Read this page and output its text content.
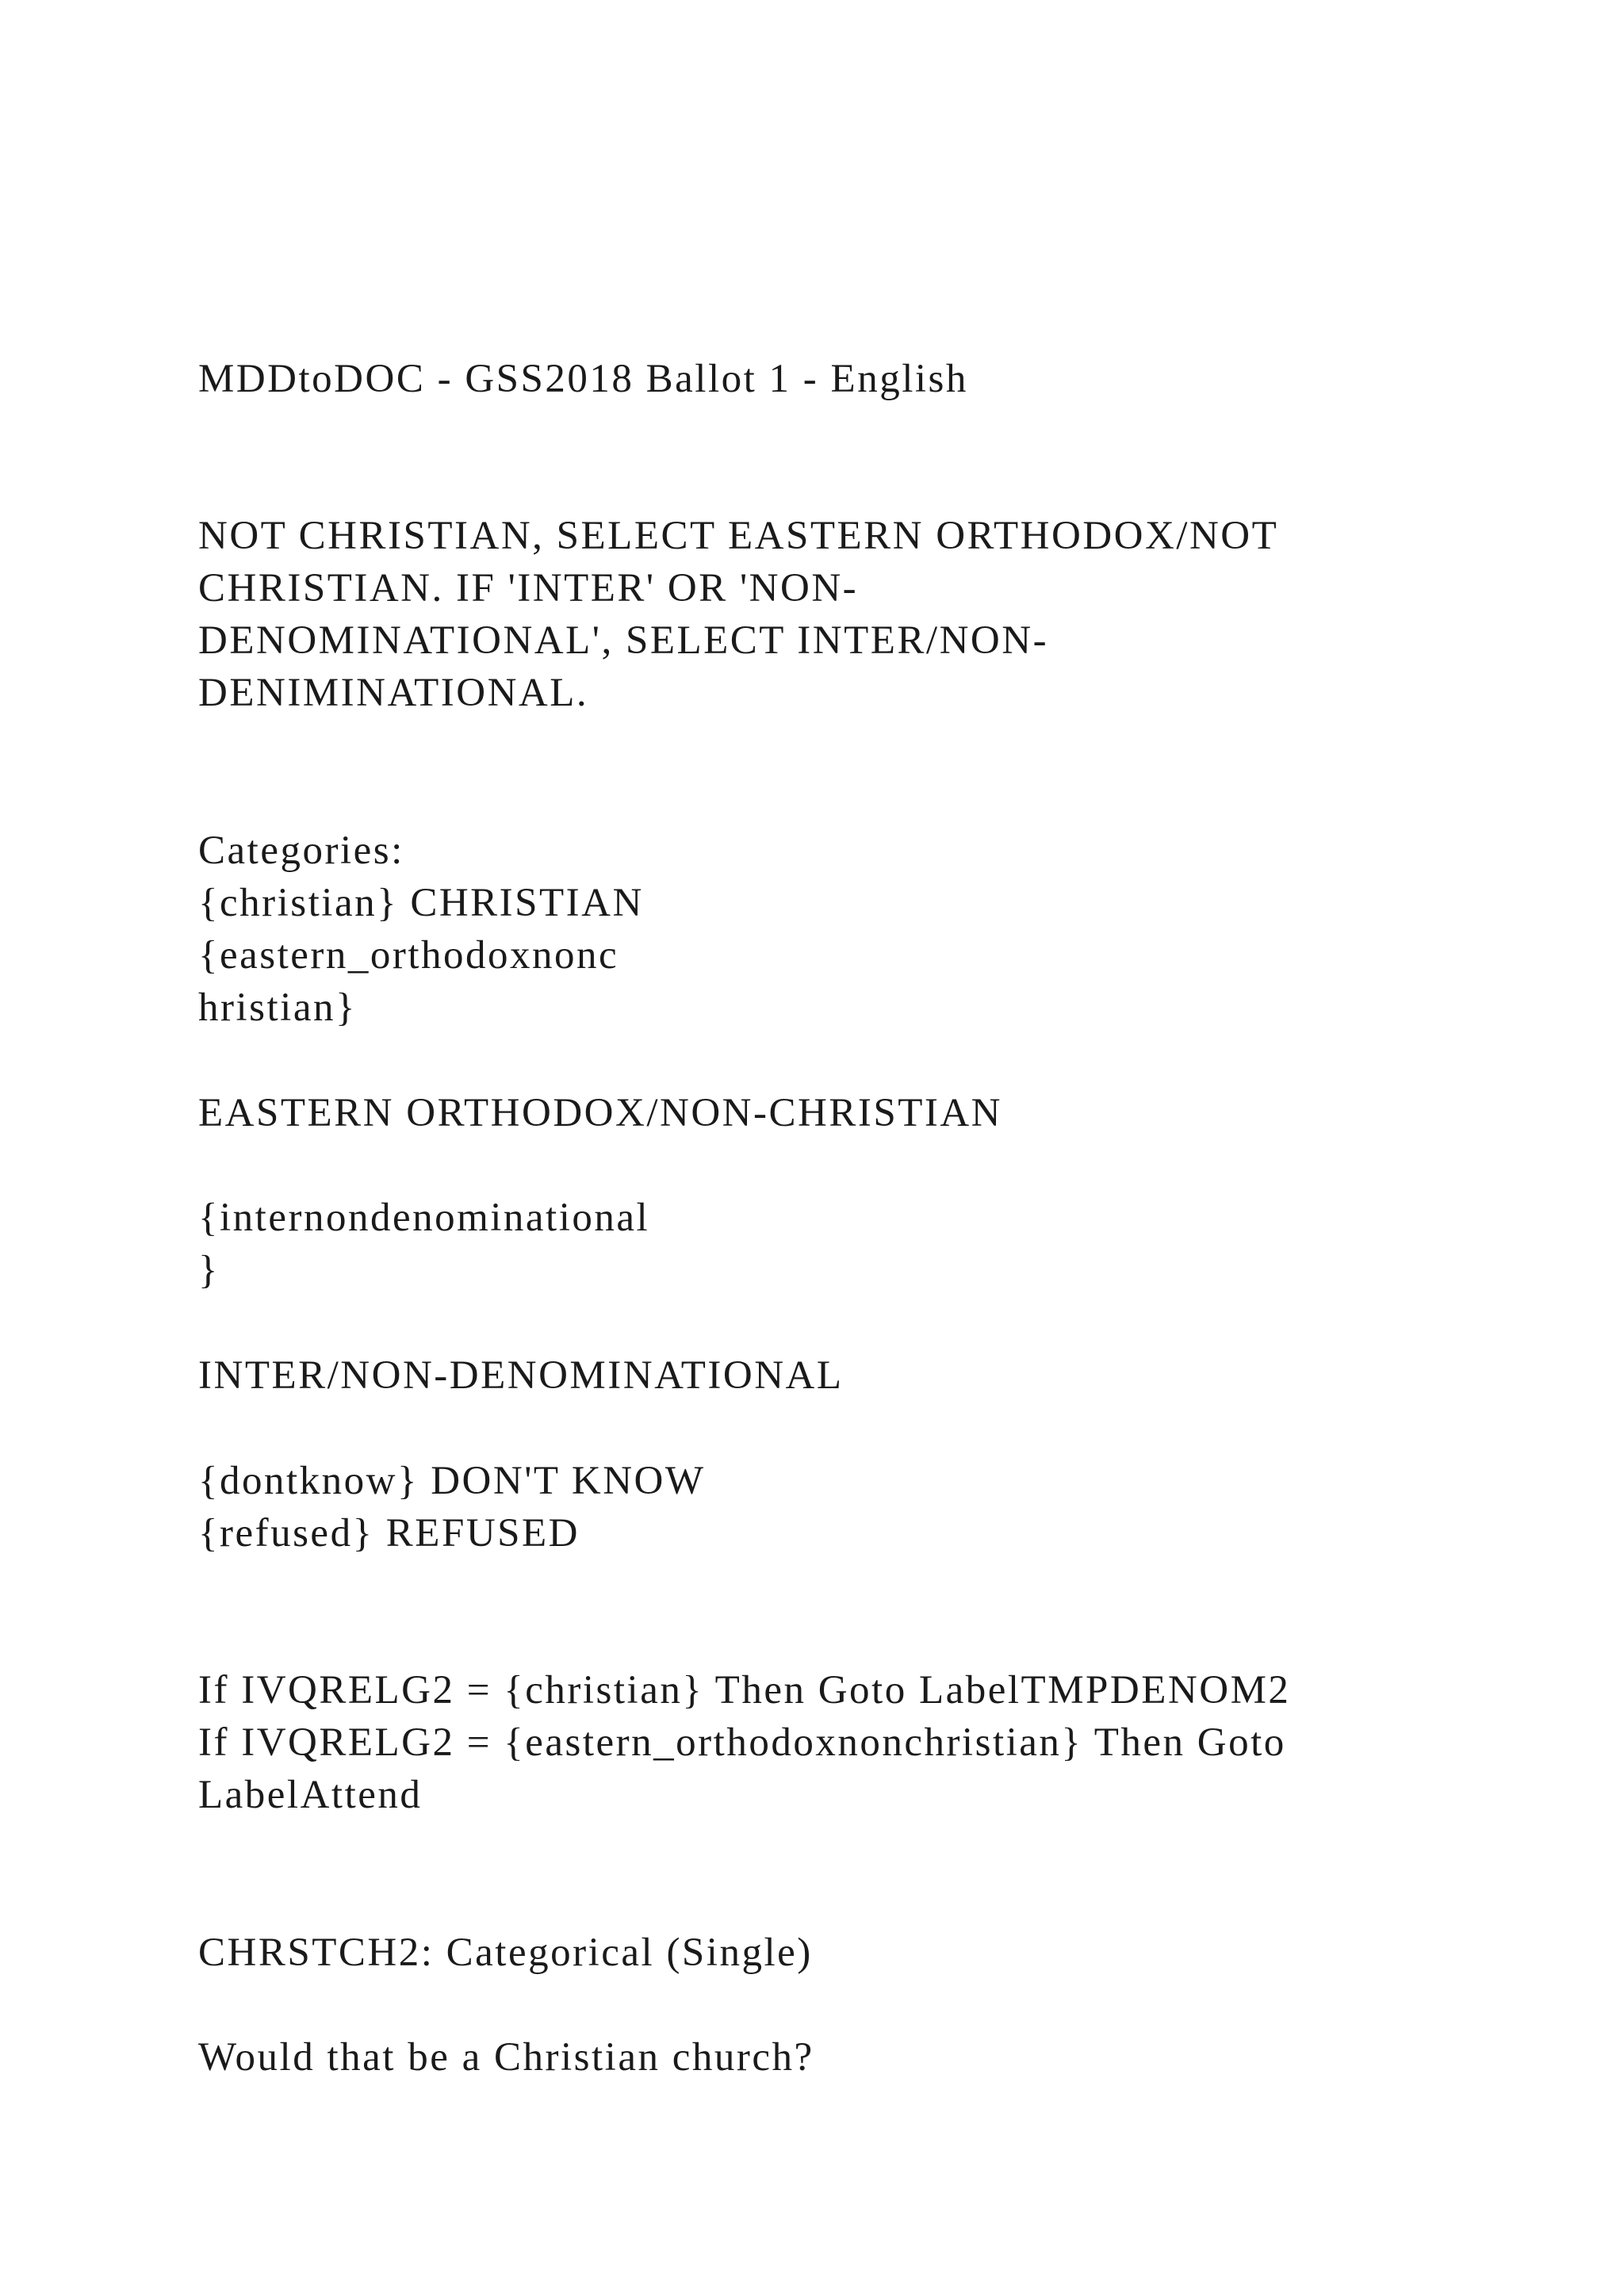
MDDtoDOC - GSS2018 Ballot 1 - English
NOT CHRISTIAN, SELECT EASTERN ORTHODOX/NOT
CHRISTIAN. IF 'INTER' OR 'NON-
DENOMINATIONAL', SELECT INTER/NON-
DENIMINATIONAL.
Categories:
{christian} CHRISTIAN
{eastern_orthodoxnonc
hristian}
EASTERN ORTHODOX/NON-CHRISTIAN
{internondenominational
}
INTER/NON-DENOMINATIONAL
{dontknow} DON'T KNOW
{refused} REFUSED
If IVQRELG2 = {christian} Then Goto LabelTMPDENOM2
If IVQRELG2 = {eastern_orthodoxnonchristian} Then Goto
LabelAttend
CHRSTCH2: Categorical (Single)
Would that be a Christian church?
